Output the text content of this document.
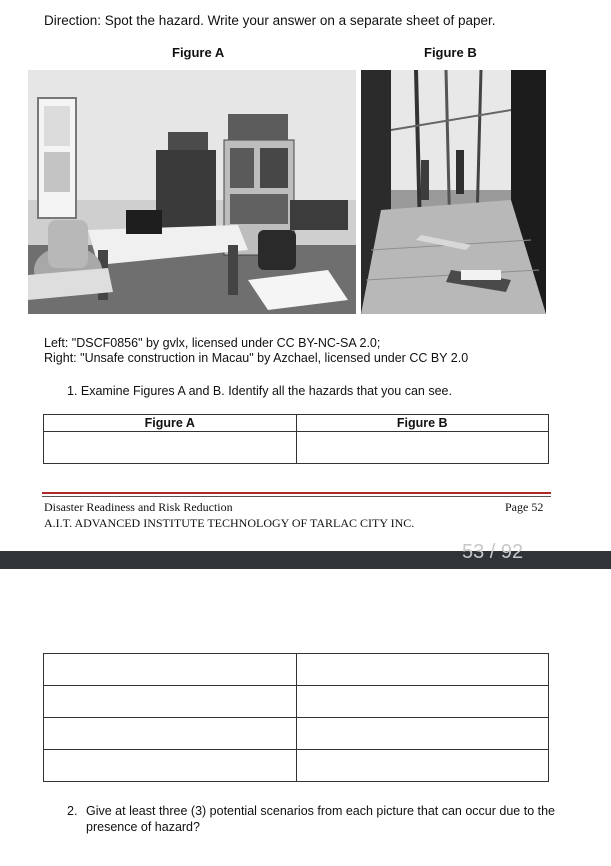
Direction: Spot the hazard. Write your answer on a separate sheet of paper.
Figure A	Figure B
Left: "DSCF0856" by gvlx, licensed under CC BY-NC-SA 2.0;
Right: "Unsafe construction in Macau" by Azchael, licensed under CC BY 2.0
1. Examine Figures A and B. Identify all the hazards that you can see.
Figure A	Figure B

Disaster Readiness and Risk Reduction	Page 52
A.I.T. ADVANCED INSTITUTE TECHNOLOGY OF TARLAC CITY INC.
53 / 92

2. Give at least three (3) potential scenarios from each picture that can occur due to the presence of hazard?
